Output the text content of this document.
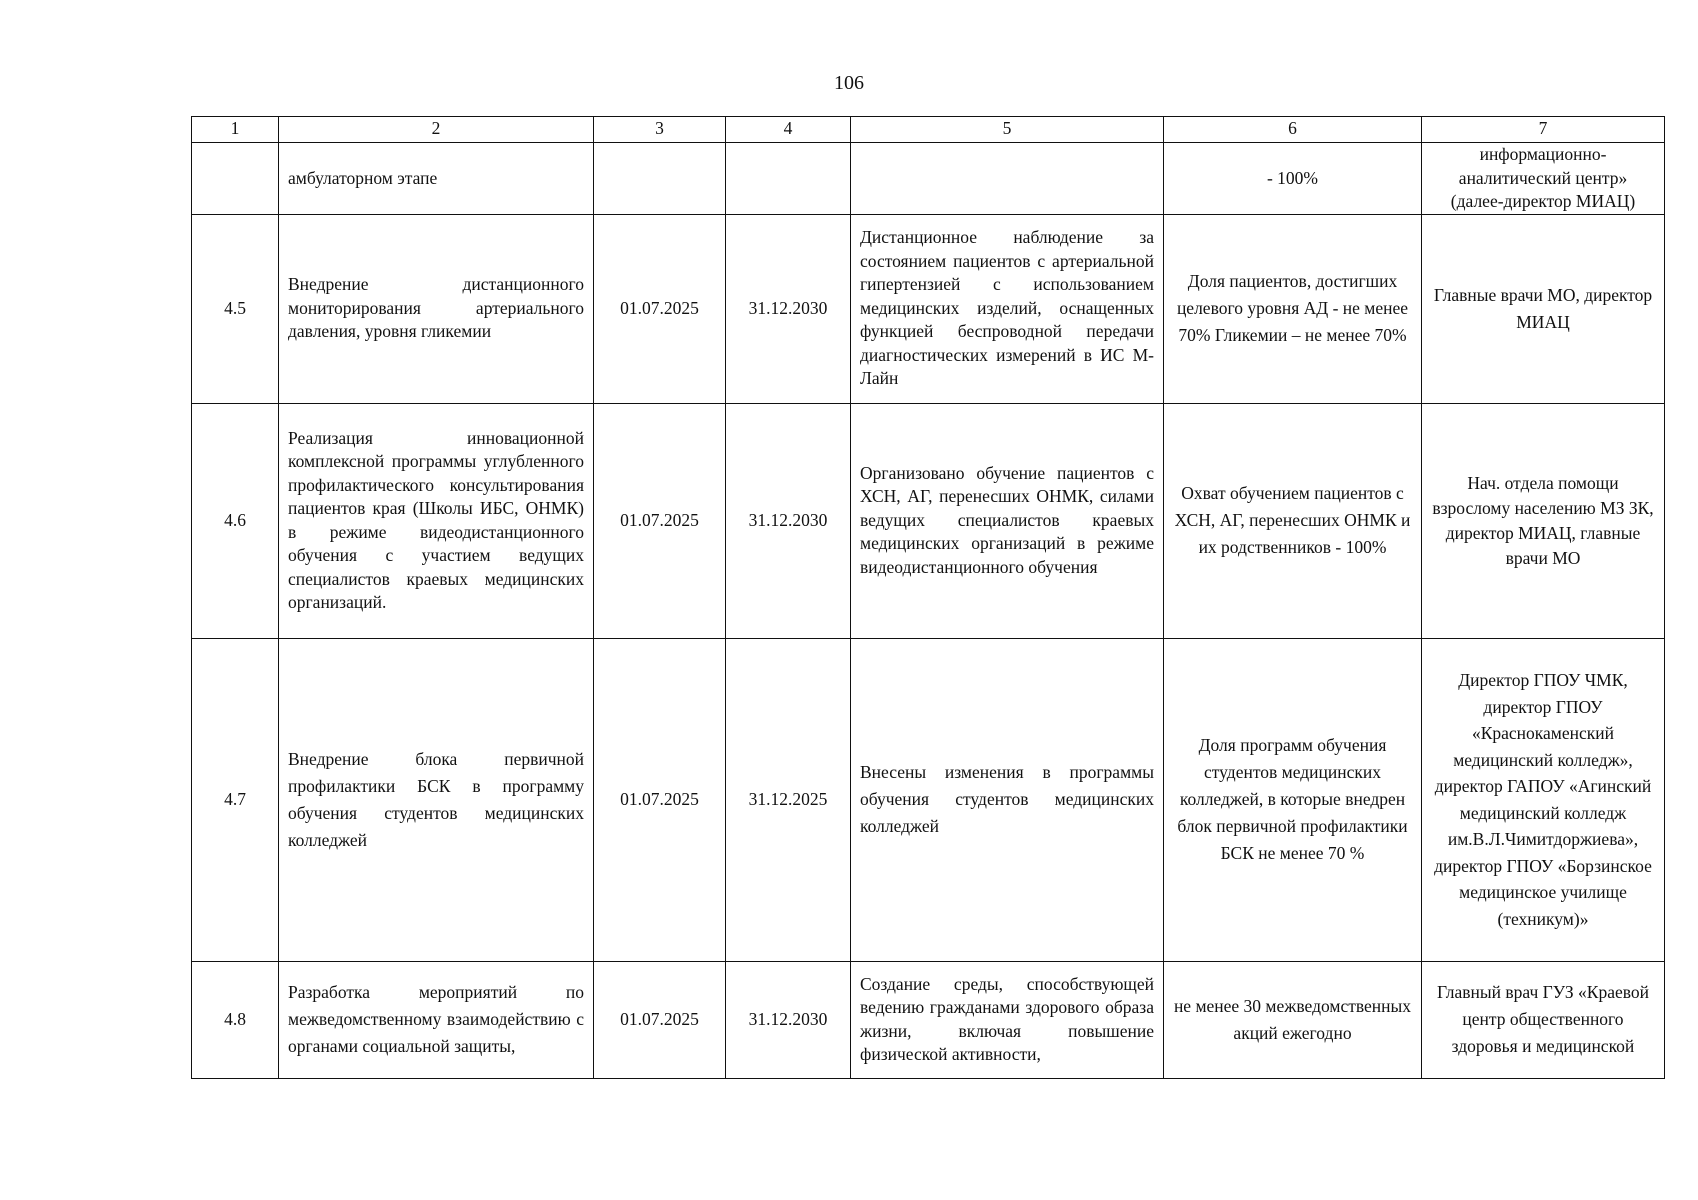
106
1	2	3	4	5	6	7
	амбулаторном этапе				- 100%	информационно-аналитический центр» (далее-директор МИАЦ)
4.5	Внедрение дистанционного мониторирования артериального давления, уровня гликемии	01.07.2025	31.12.2030	Дистанционное наблюдение за состоянием пациентов с артериальной гипертензией с использованием медицинских изделий, оснащенных функцией беспроводной передачи диагностических измерений в ИС М-Лайн	Доля пациентов, достигших целевого уровня АД - не менее 70% Гликемии – не менее 70%	Главные врачи МО, директор МИАЦ
4.6	Реализация инновационной комплексной программы углубленного профилактического консультирования пациентов края (Школы ИБС, ОНМК) в режиме видеодистанционного обучения с участием ведущих специалистов краевых медицинских организаций.	01.07.2025	31.12.2030	Организовано обучение пациентов с ХСН, АГ, перенесших ОНМК, силами ведущих специалистов краевых медицинских организаций в режиме видеодистанционного обучения	Охват обучением пациентов с ХСН, АГ, перенесших ОНМК и их родственников - 100%	Нач. отдела помощи взрослому населению МЗ ЗК, директор МИАЦ, главные врачи МО
4.7	Внедрение блока первичной профилактики БСК в программу обучения студентов медицинских колледжей	01.07.2025	31.12.2025	Внесены изменения в программы обучения студентов медицинских колледжей	Доля программ обучения студентов медицинских колледжей, в которые внедрен блок первичной профилактики БСК не менее 70 %	Директор ГПОУ ЧМК, директор ГПОУ «Краснокаменский медицинский колледж», директор ГАПОУ «Агинский медицинский колледж им.В.Л.Чимитдоржиева», директор ГПОУ «Борзинское медицинское училище (техникум)»
4.8	Разработка мероприятий по межведомственному взаимодействию с органами социальной защиты,	01.07.2025	31.12.2030	Создание среды, способствующей ведению гражданами здорового образа жизни, включая повышение физической активности,	не менее 30 межведомственных акций ежегодно	Главный врач ГУЗ «Краевой центр общественного здоровья и медицинской
